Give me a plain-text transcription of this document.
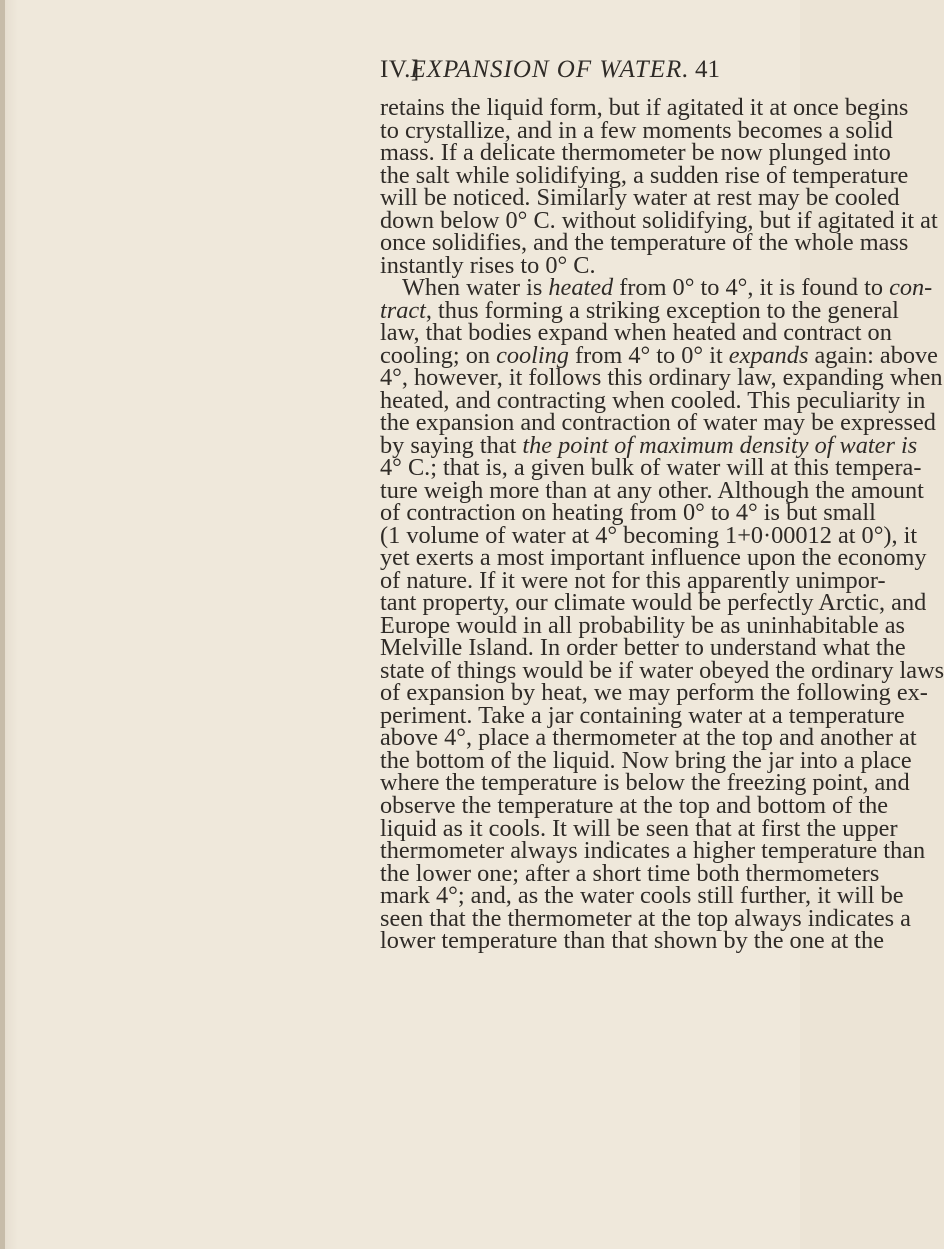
IV.]
EXPANSION OF WATER. 41
retains the liquid form, but if agitated it at once begins
to crystallize, and in a few moments becomes a solid
mass. If a delicate thermometer be now plunged into
the salt while solidifying, a sudden rise of temperature
will be noticed. Similarly water at rest may be cooled
down below 0° C. without solidifying, but if agitated it at
once solidifies, and the temperature of the whole mass
instantly rises to 0° C.
When water is heated from 0° to 4°, it is found to con-
tract, thus forming a striking exception to the general
law, that bodies expand when heated and contract on
cooling; on cooling from 4° to 0° it expands again: above
4°, however, it follows this ordinary law, expanding when
heated, and contracting when cooled. This peculiarity in
the expansion and contraction of water may be expressed
by saying that the point of maximum density of water is
4° C.; that is, a given bulk of water will at this tempera-
ture weigh more than at any other. Although the amount
of contraction on heating from 0° to 4° is but small
(1 volume of water at 4° becoming 1+0·00012 at 0°), it
yet exerts a most important influence upon the economy
of nature. If it were not for this apparently unimpor-
tant property, our climate would be perfectly Arctic, and
Europe would in all probability be as uninhabitable as
Melville Island. In order better to understand what the
state of things would be if water obeyed the ordinary laws
of expansion by heat, we may perform the following ex-
periment. Take a jar containing water at a temperature
above 4°, place a thermometer at the top and another at
the bottom of the liquid. Now bring the jar into a place
where the temperature is below the freezing point, and
observe the temperature at the top and bottom of the
liquid as it cools. It will be seen that at first the upper
thermometer always indicates a higher temperature than
the lower one; after a short time both thermometers
mark 4°; and, as the water cools still further, it will be
seen that the thermometer at the top always indicates a
lower temperature than that shown by the one at the
